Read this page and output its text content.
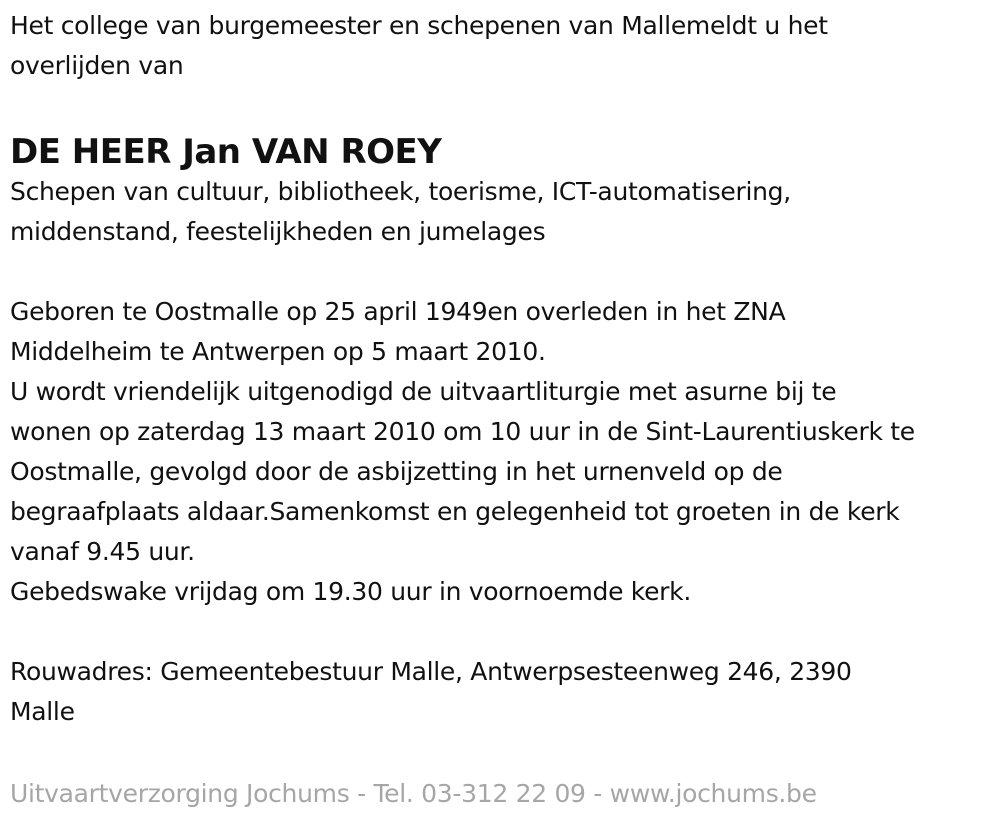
Het college van burgemeester en schepenen van Mallemeldt u het
overlijden van
DE HEER Jan VAN ROEY
Schepen van cultuur, bibliotheek, toerisme, ICT-automatisering,
middenstand, feestelijkheden en jumelages
Geboren te Oostmalle op 25 april 1949en overleden in het ZNA
Middelheim te Antwerpen op 5 maart 2010.
U wordt vriendelijk uitgenodigd de uitvaartliturgie met asurne bij te
wonen op zaterdag 13 maart 2010 om 10 uur in de Sint-Laurentiuskerk te
Oostmalle, gevolgd door de asbijzetting in het urnenveld op de
begraafplaats aldaar.Samenkomst en gelegenheid tot groeten in de kerk
vanaf 9.45 uur.
Gebedswake vrijdag om 19.30 uur in voornoemde kerk.
Rouwadres: Gemeentebestuur Malle, Antwerpsesteenweg 246, 2390
Malle
Uitvaartverzorging Jochums - Tel. 03-312 22 09 - www.jochums.be
